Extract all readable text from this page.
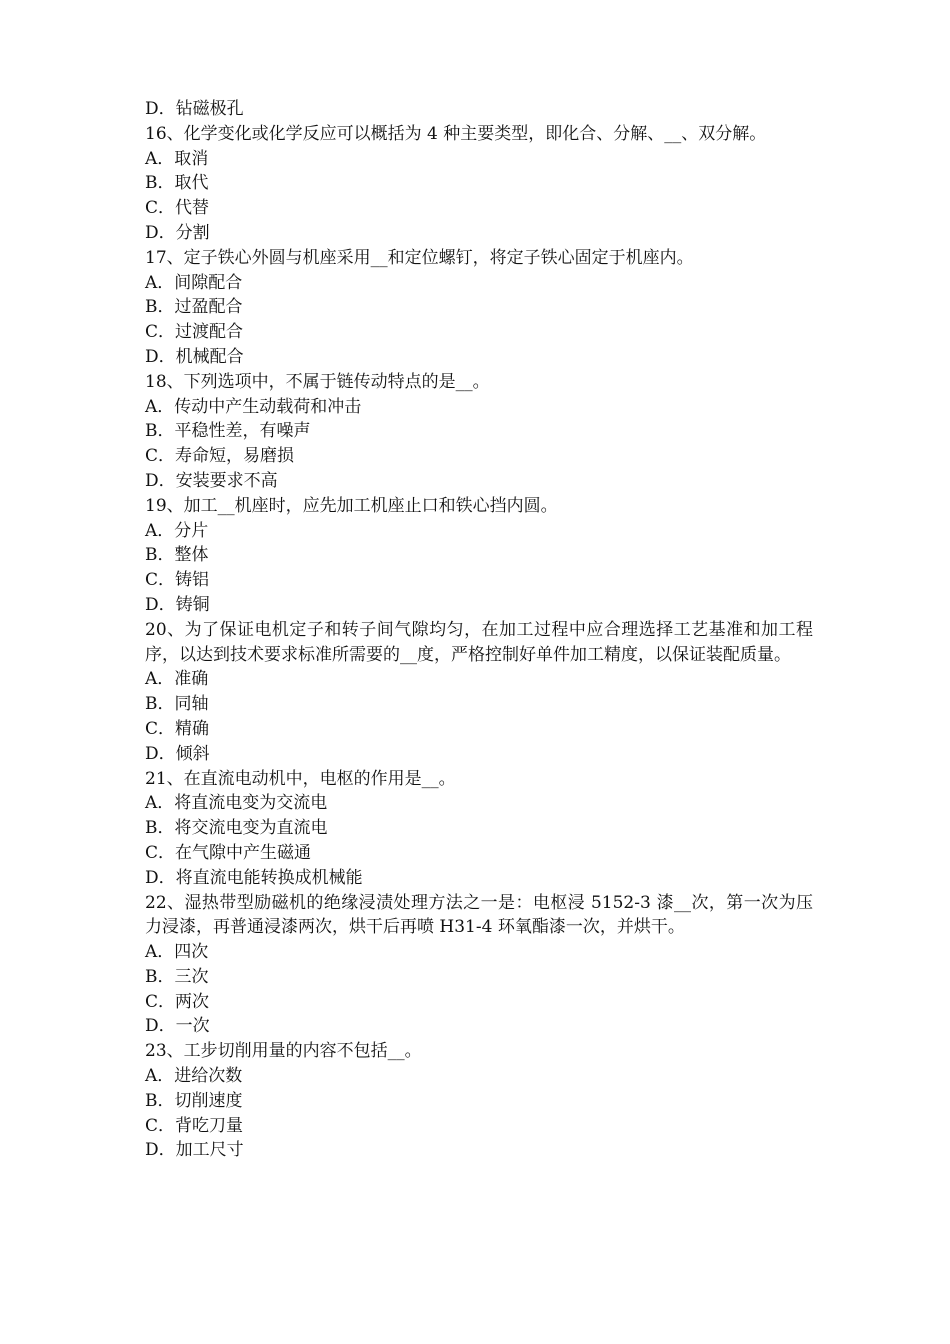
D．钻磁极孔
16、化学变化或化学反应可以概括为 4 种主要类型，即化合、分解、__、双分解。
A．取消
B．取代
C．代替
D．分割
17、定子铁心外圆与机座采用__和定位螺钉，将定子铁心固定于机座内。
A．间隙配合
B．过盈配合
C．过渡配合
D．机械配合
18、下列选项中，不属于链传动特点的是__。
A．传动中产生动载荷和冲击
B．平稳性差，有噪声
C．寿命短，易磨损
D．安装要求不高
19、加工__机座时，应先加工机座止口和铁心挡内圆。
A．分片
B．整体
C．铸铝
D．铸铜
20、为了保证电机定子和转子间气隙均匀，在加工过程中应合理选择工艺基准和加工程序，以达到技术要求标准所需要的__度，严格控制好单件加工精度，以保证装配质量。
A．准确
B．同轴
C．精确
D．倾斜
21、在直流电动机中，电枢的作用是__。
A．将直流电变为交流电
B．将交流电变为直流电
C．在气隙中产生磁通
D．将直流电能转换成机械能
22、湿热带型励磁机的绝缘浸渍处理方法之一是：电枢浸 5152-3 漆__次，第一次为压力浸漆，再普通浸漆两次，烘干后再喷 H31-4 环氧酯漆一次，并烘干。
A．四次
B．三次
C．两次
D．一次
23、工步切削用量的内容不包括__。
A．进给次数
B．切削速度
C．背吃刀量
D．加工尺寸
